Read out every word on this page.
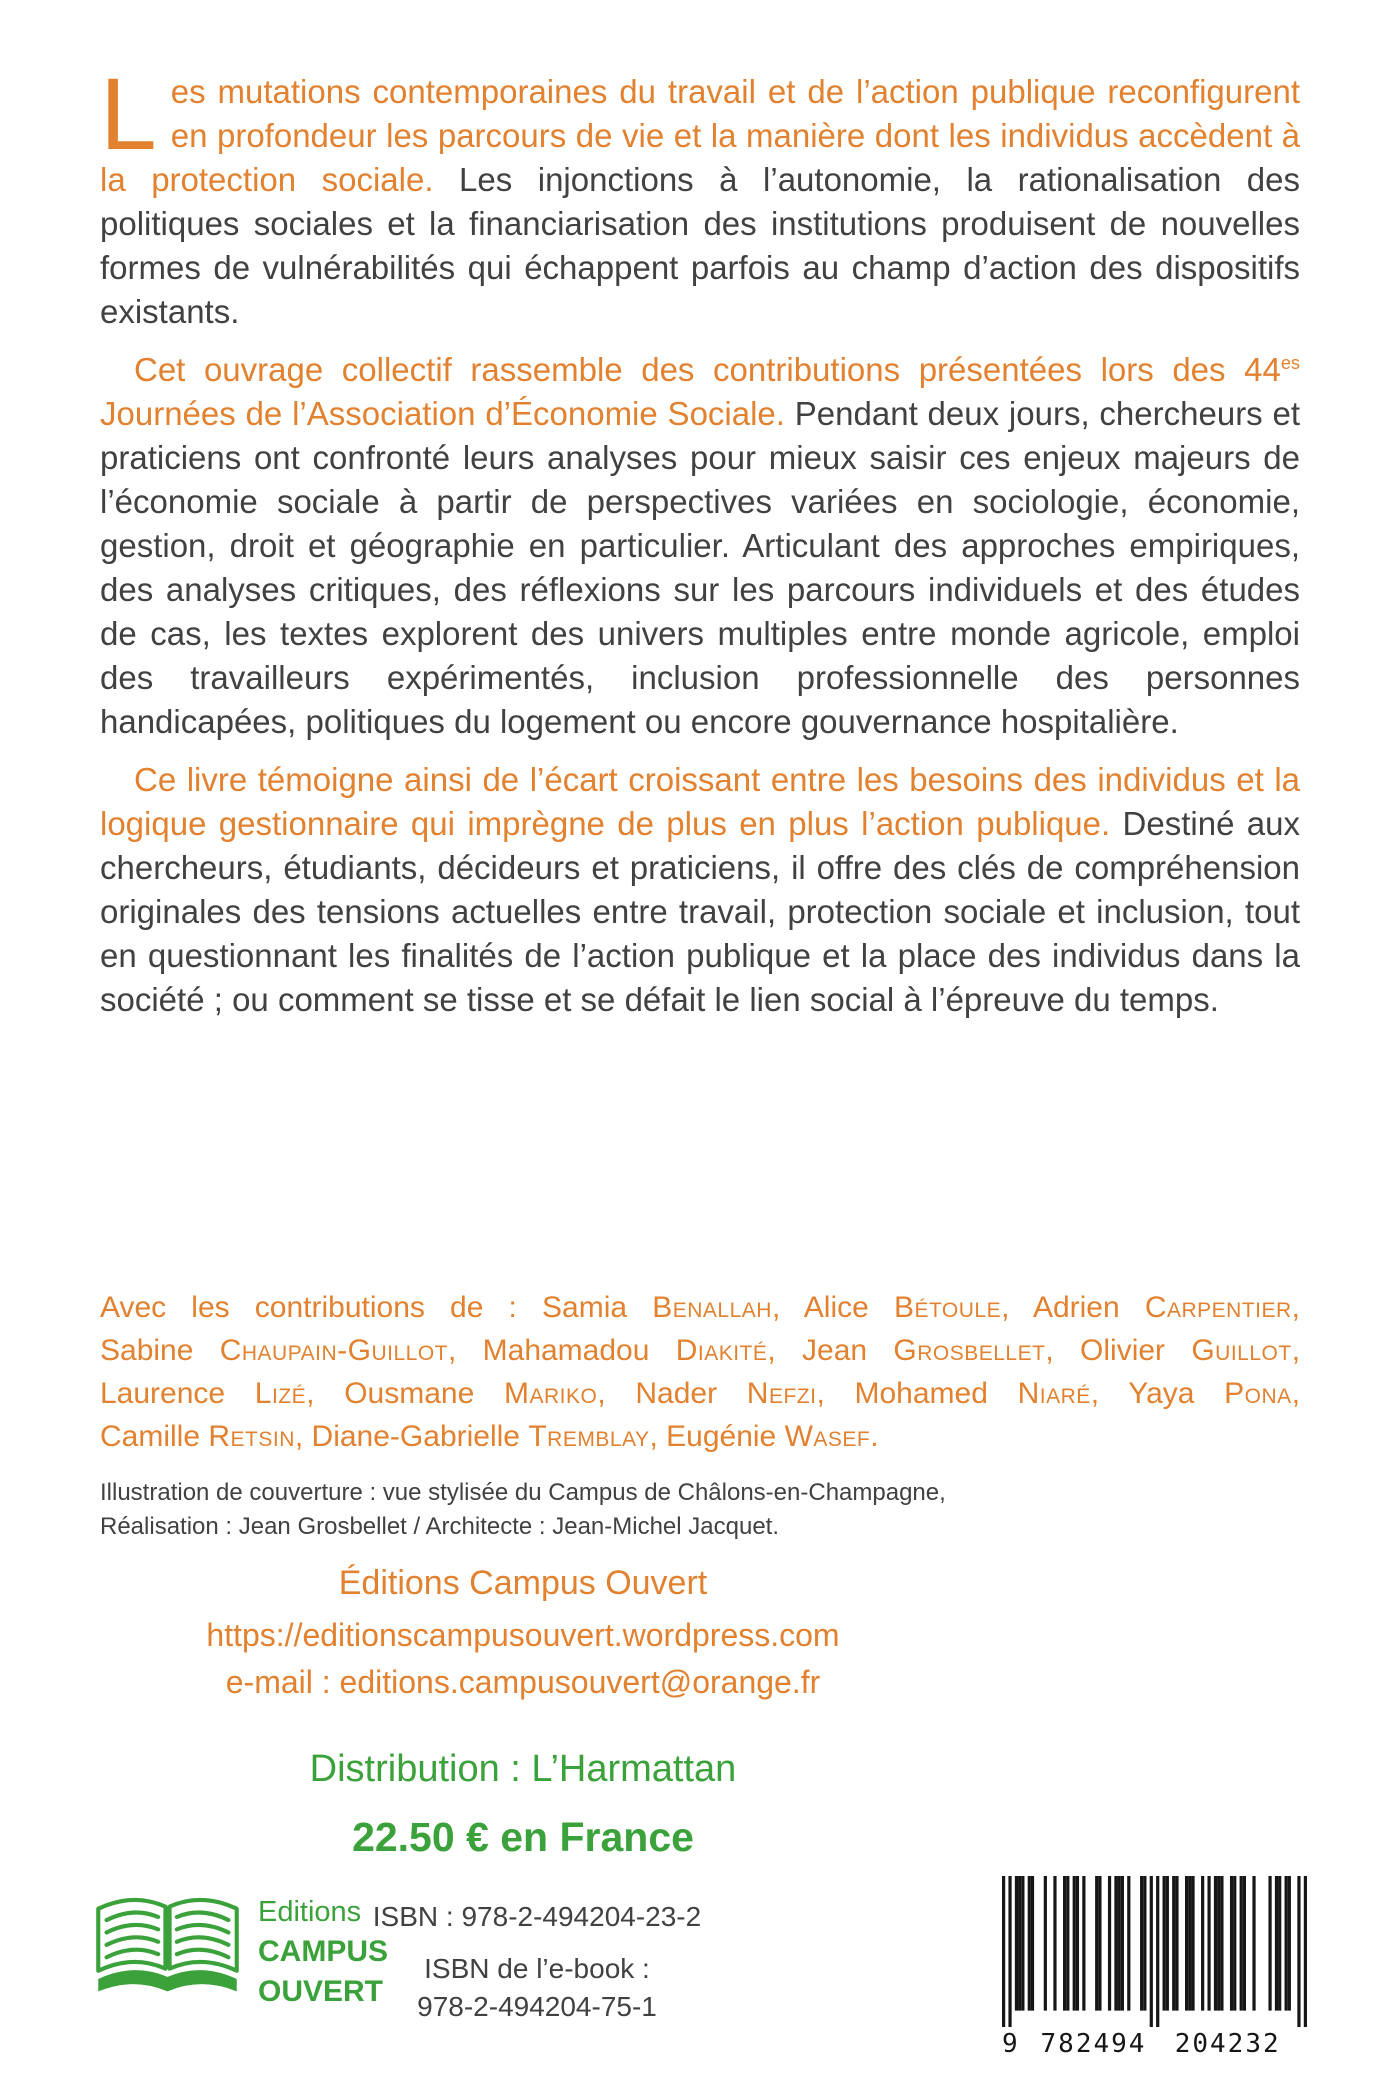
Les mutations contemporaines du travail et de l’action publique reconfigurent en profondeur les parcours de vie et la manière dont les individus accèdent à la protection sociale. Les injonctions à l’autonomie, la rationalisation des politiques sociales et la financiarisation des institutions produisent de nouvelles formes de vulnérabilités qui échappent parfois au champ d’action des dispositifs existants.

Cet ouvrage collectif rassemble des contributions présentées lors des $44^{es}$ Journées de l’Association d’Économie Sociale. Pendant deux jours, chercheurs et praticiens ont confronté leurs analyses pour mieux saisir ces enjeux majeurs de l’économie sociale à partir de perspectives variées en sociologie, économie, gestion, droit et géographie en particulier. Articulant des approches empiriques, des analyses critiques, des réflexions sur les parcours individuels et des études de cas, les textes explorent des univers multiples entre monde agricole, emploi des travailleurs expérimentés, inclusion professionnelle des personnes handicapées, politiques du logement ou encore gouvernance hospitalière.

Ce livre témoigne ainsi de l’écart croissant entre les besoins des individus et la logique gestionnaire qui imprègne de plus en plus l’action publique. Destiné aux chercheurs, étudiants, décideurs et praticiens, il offre des clés de compréhension originales des tensions actuelles entre travail, protection sociale et inclusion, tout en questionnant les finalités de l’action publique et la place des individus dans la société ; ou comment se tisse et se défait le lien social à l’épreuve du temps.

Avec les contributions de : Samia Benallah, Alice Bétoule, Adrien Carpentier, Sabine Chaupain-Guillot, Mahamadou Diakité, Jean Grosbellet, Olivier Guillot, Laurence Lizé, Ousmane Mariko, Nader Nefzi, Mohamed Niaré, Yaya Pona, Camille Retsin, Diane-Gabrielle Tremblay, Eugénie Wasef.

Illustration de couverture : vue stylisée du Campus de Châlons-en-Champagne,
Réalisation : Jean Grosbellet / Architecte : Jean-Michel Jacquet.
Éditions Campus Ouvert
https://editionscampusouvert.wordpress.com
e-mail : editions.campusouvert@orange.fr
Distribution : L’Harmattan
22.50 € en France
Editions
CAMPUS
OUVERT
ISBN : 978-2-494204-23-2
ISBN de l’e-book :
978-2-494204-75-1
9 782494	204232
